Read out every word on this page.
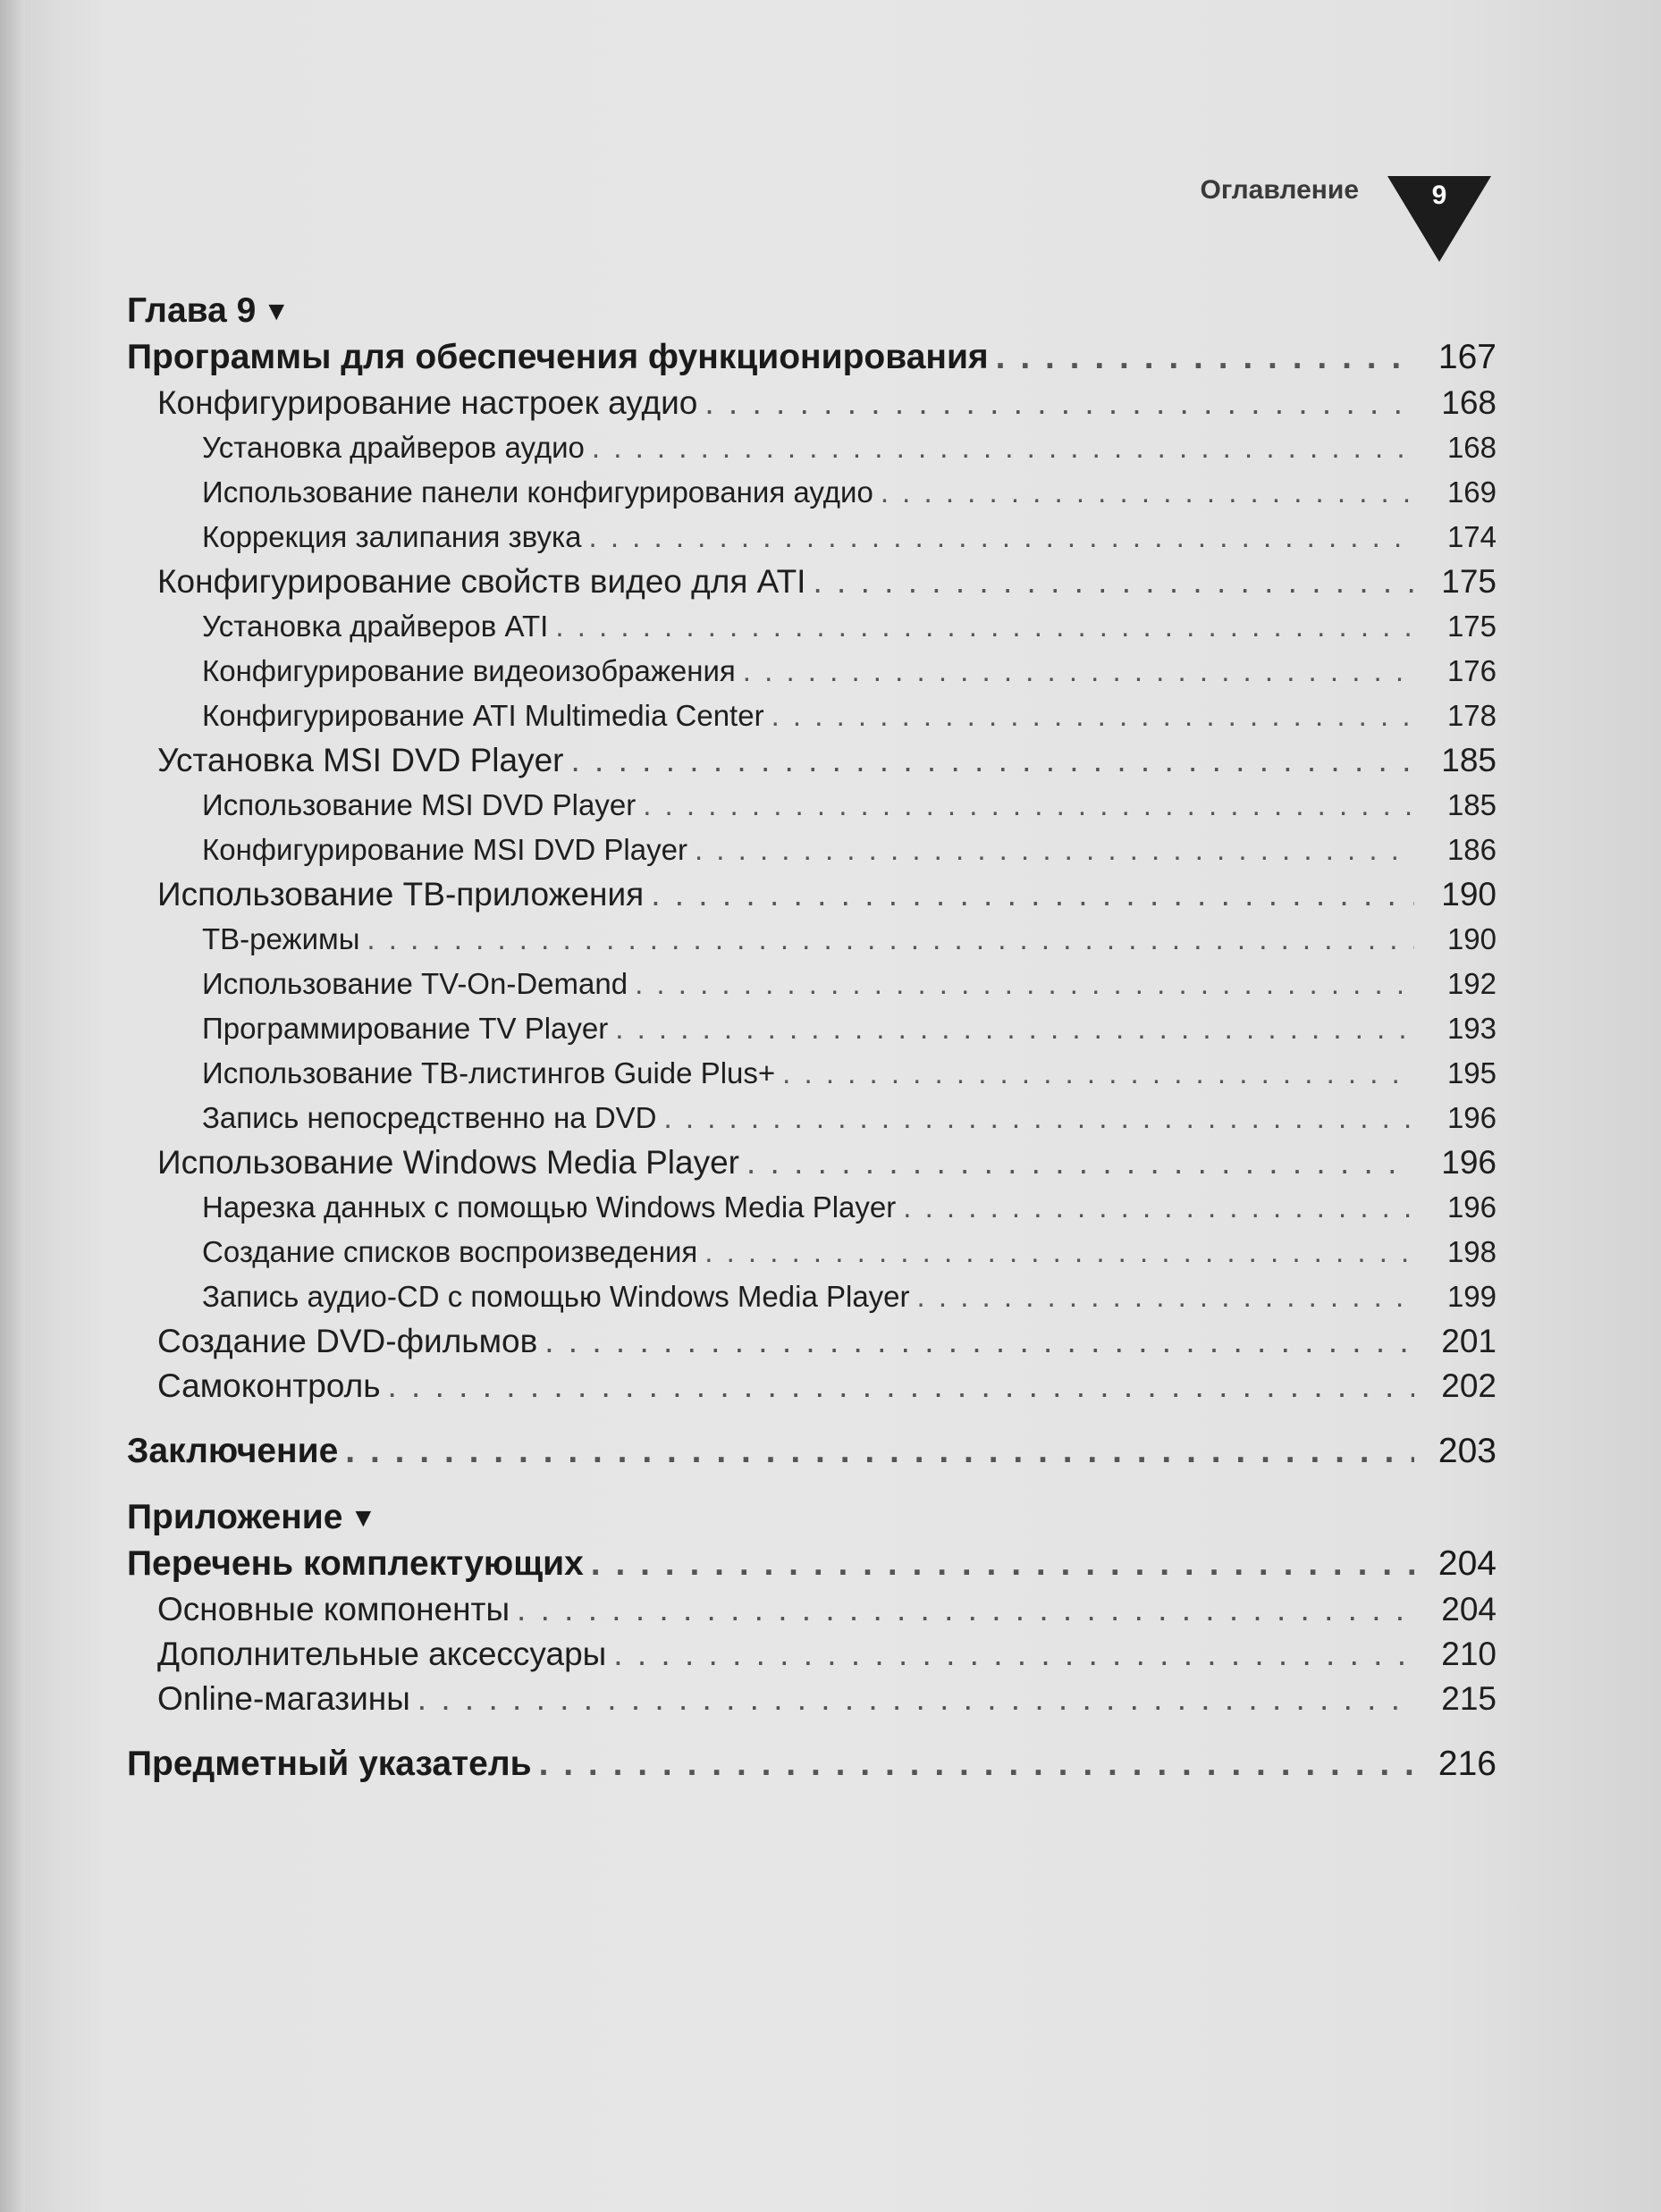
Оглавление	9
Глава 9 ▼
Программы для обеспечения функционирования . . .	167
Конфигурирование настроек аудио . . .	168
Установка драйверов аудио . . .	168
Использование панели конфигурирования аудио . . .	169
Коррекция залипания звука . . .	174
Конфигурирование свойств видео для ATI . . .	175
Установка драйверов ATI . . .	175
Конфигурирование видеоизображения . . .	176
Конфигурирование ATI Multimedia Center . . .	178
Установка MSI DVD Player . . .	185
Использование MSI DVD Player . . .	185
Конфигурирование MSI DVD Player . . .	186
Использование ТВ-приложения . . .	190
ТВ-режимы . . .	190
Использование TV-On-Demand . . .	192
Программирование TV Player . . .	193
Использование ТВ-листингов Guide Plus+ . . .	195
Запись непосредственно на DVD . . .	196
Использование Windows Media Player . . .	196
Нарезка данных с помощью Windows Media Player . . .	196
Создание списков воспроизведения . . .	198
Запись аудио-CD с помощью Windows Media Player . . .	199
Создание DVD-фильмов . . .	201
Самоконтроль . . .	202
Заключение . . .	203
Приложение ▼
Перечень комплектующих . . .	204
Основные компоненты . . .	204
Дополнительные аксессуары . . .	210
Online-магазины . . .	215
Предметный указатель . . .	216
